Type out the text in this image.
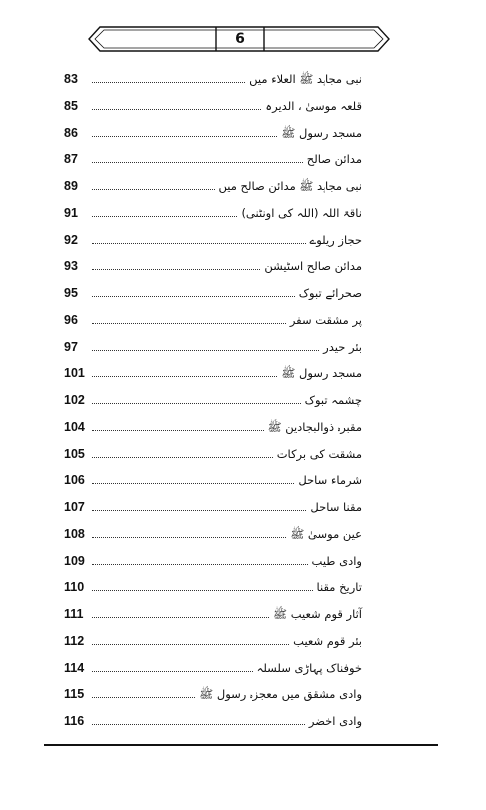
6
83	نبی مجاہد ﷺ العلاء میں
85	قلعہ موسیٰ ، الدیرہ
86	مسجد رسول ﷺ
87	مدائن صالح
89	نبی مجاہد ﷺ مدائن صالح میں
91	ناقۃ اللہ (اللہ کی اونٹنی)
92	حجاز ریلوے
93	مدائن صالح اسٹیشن
95	صحرائے تبوک
96	پر مشقت سفر
97	بئر حیدر
101	مسجد رسول ﷺ
102	چشمہ تبوک
104	مقبرہ ذوالبجادین ﷺ
105	مشقت کی برکات
106	شرماء ساحل
107	مقنا ساحل
108	عین موسیٰ ﷺ
109	وادی طیب
110	تاریخ مقنا
111	آثار قوم شعیب ﷺ
112	بئر قوم شعیب
114	خوفناک پہاڑی سلسلہ
115	وادی مشقق میں معجزہ رسول ﷺ
116	وادی اخضر
